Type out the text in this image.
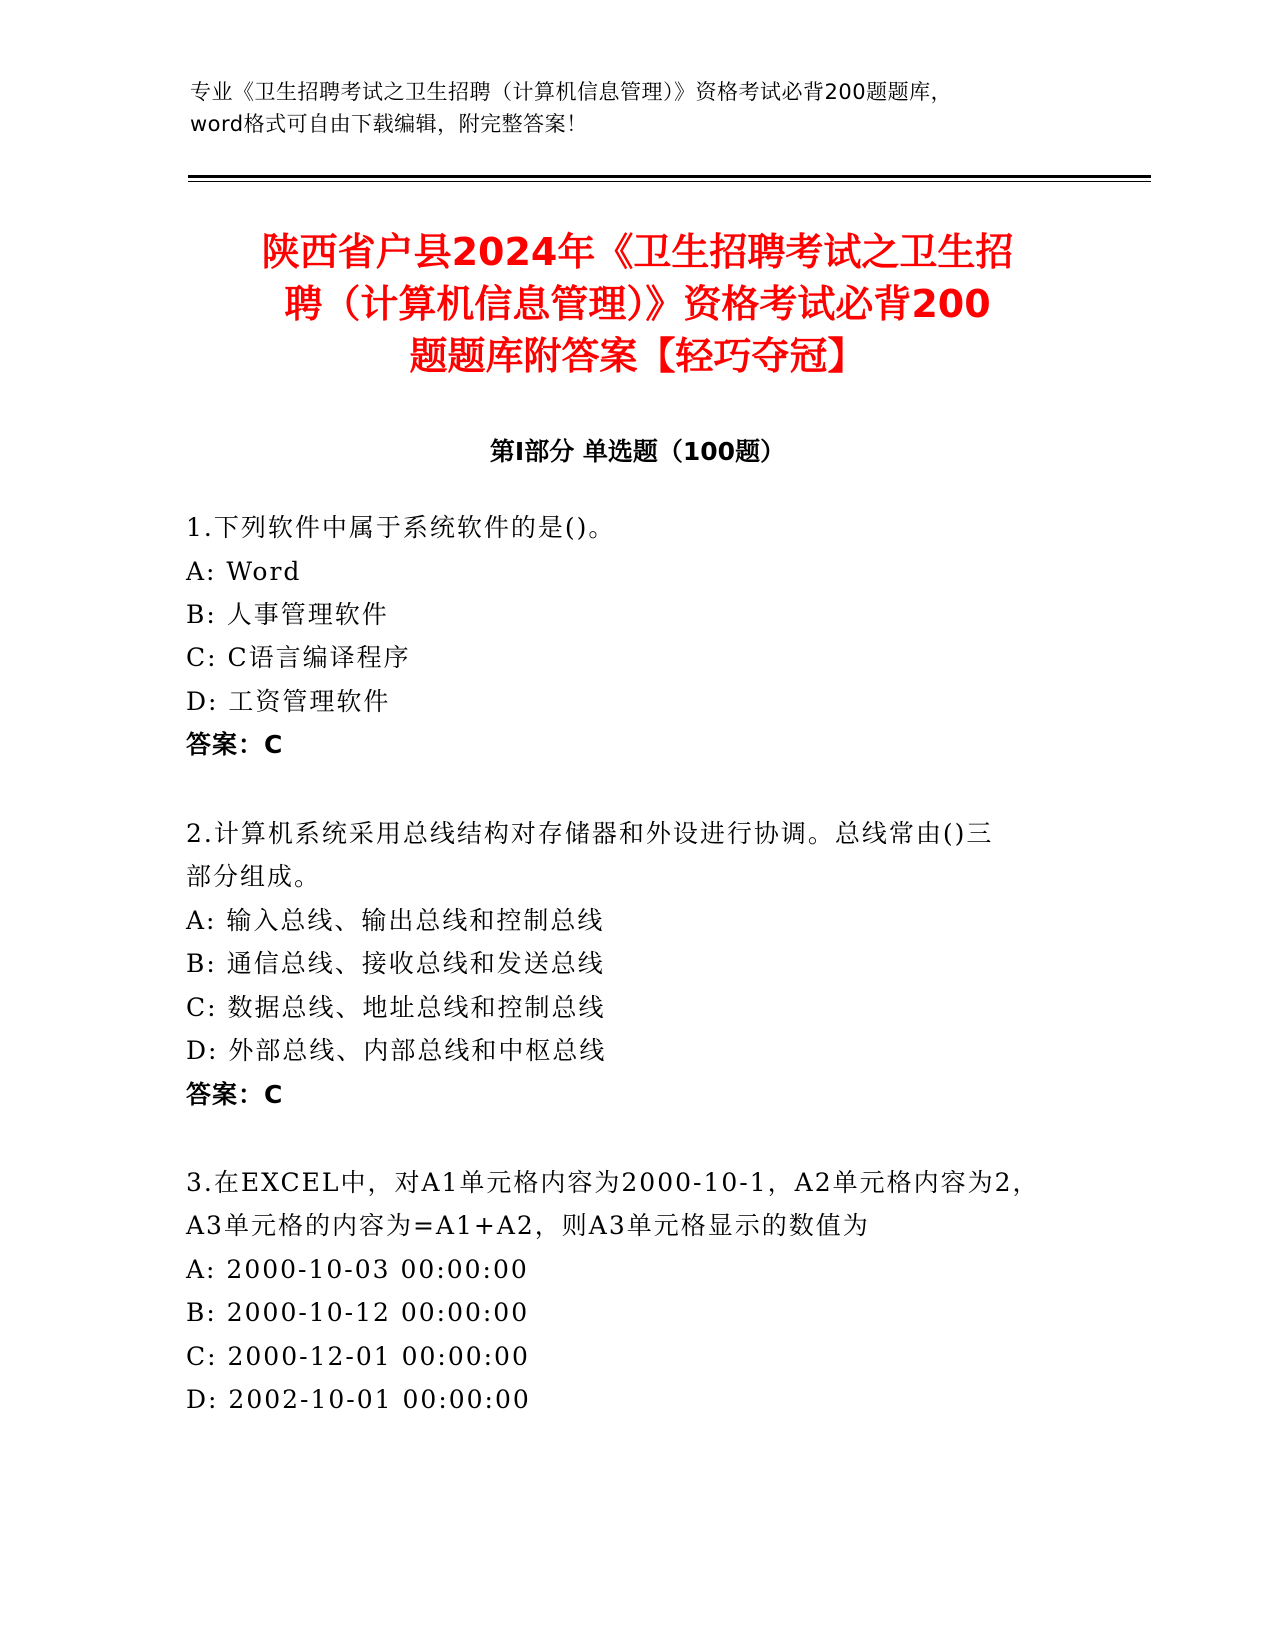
专业《卫生招聘考试之卫生招聘（计算机信息管理）》资格考试必背200题题库，
word格式可自由下载编辑，附完整答案！
陕西省户县2024年《卫生招聘考试之卫生招
聘（计算机信息管理）》资格考试必背200
题题库附答案【轻巧夺冠】
第Ⅰ部分 单选题（100题）
1.下列软件中属于系统软件的是()。
A: Word
B: 人事管理软件
C: C语言编译程序
D: 工资管理软件
答案：C
2.计算机系统采用总线结构对存储器和外设进行协调。总线常由()三
部分组成。
A: 输入总线、输出总线和控制总线
B: 通信总线、接收总线和发送总线
C: 数据总线、地址总线和控制总线
D: 外部总线、内部总线和中枢总线
答案：C
3.在EXCEL中，对A1单元格内容为2000-10-1，A2单元格内容为2，
A3单元格的内容为=A1+A2，则A3单元格显示的数值为
A: 2000-10-03 00:00:00
B: 2000-10-12 00:00:00
C: 2000-12-01 00:00:00
D: 2002-10-01 00:00:00
